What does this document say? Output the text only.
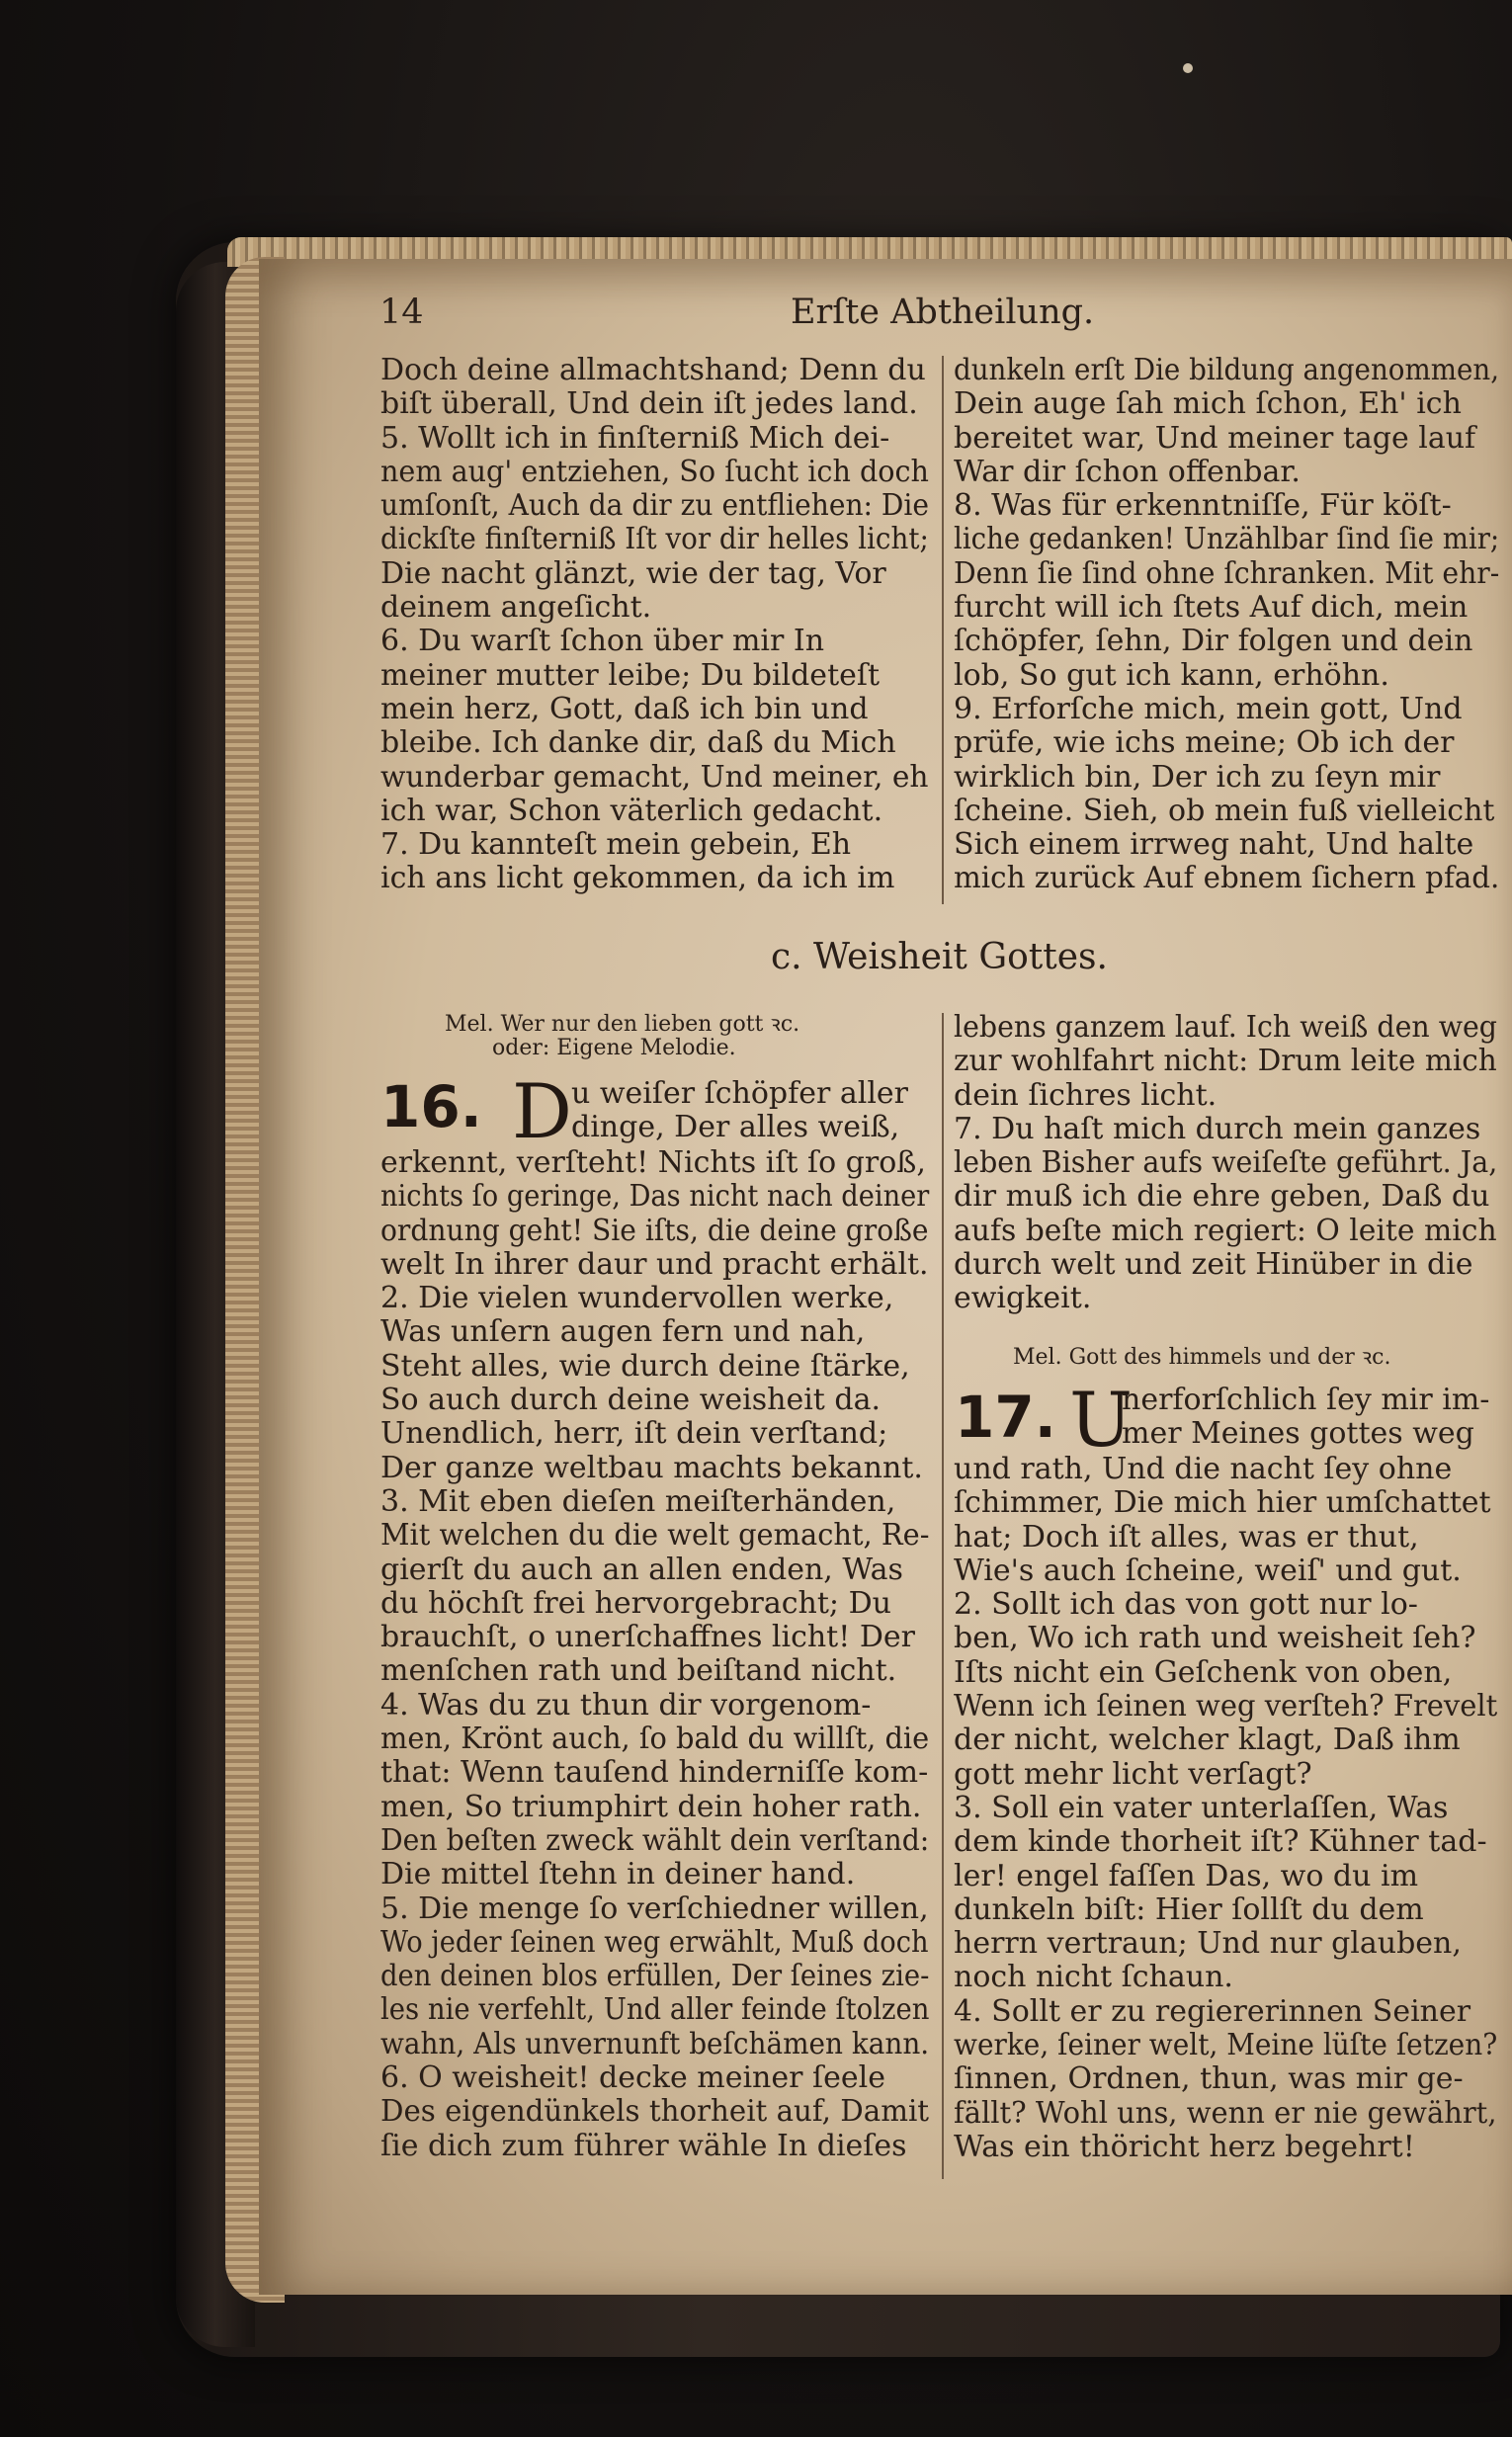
14	Erſte Abtheilung.
Doch deine allmachtshand; Denn du
biſt überall, Und dein iſt jedes land.
5. Wollt ich in finſterniß Mich dei-
nem aug' entziehen, So ſucht ich doch
umſonſt, Auch da dir zu entfliehen: Die
dickſte finſterniß Iſt vor dir helles licht;
Die nacht glänzt, wie der tag, Vor
deinem angeſicht.
6. Du warſt ſchon über mir In
meiner mutter leibe; Du bildeteſt
mein herz, Gott, daß ich bin und
bleibe. Ich danke dir, daß du Mich
wunderbar gemacht, Und meiner, eh
ich war, Schon väterlich gedacht.
7. Du kannteſt mein gebein, Eh
ich ans licht gekommen, da ich im
dunkeln erſt Die bildung angenommen,
Dein auge ſah mich ſchon, Eh' ich
bereitet war, Und meiner tage lauf
War dir ſchon offenbar.
8. Was für erkenntniſſe, Für köſt-
liche gedanken! Unzählbar ſind ſie mir;
Denn ſie ſind ohne ſchranken. Mit ehr-
furcht will ich ſtets Auf dich, mein
ſchöpfer, ſehn, Dir folgen und dein
lob, So gut ich kann, erhöhn.
9. Erforſche mich, mein gott, Und
prüfe, wie ichs meine; Ob ich der
wirklich bin, Der ich zu ſeyn mir
ſcheine. Sieh, ob mein fuß vielleicht
Sich einem irrweg naht, Und halte
mich zurück Auf ebnem ſichern pfad.
c. Weisheit Gottes.
Mel. Wer nur den lieben gott ꝛc.
oder: Eigene Melodie.
16. D u weiſer ſchöpfer aller
dinge, Der alles weiß,
erkennt, verſteht! Nichts iſt ſo groß,
nichts ſo geringe, Das nicht nach deiner
ordnung geht! Sie iſts, die deine große
welt In ihrer daur und pracht erhält.
2. Die vielen wundervollen werke,
Was unſern augen fern und nah,
Steht alles, wie durch deine ſtärke,
So auch durch deine weisheit da.
Unendlich, herr, iſt dein verſtand;
Der ganze weltbau machts bekannt.
3. Mit eben dieſen meiſterhänden,
Mit welchen du die welt gemacht, Re-
gierſt du auch an allen enden, Was
du höchſt frei hervorgebracht; Du
brauchſt, o unerſchaffnes licht! Der
menſchen rath und beiſtand nicht.
4. Was du zu thun dir vorgenom-
men, Krönt auch, ſo bald du willſt, die
that: Wenn tauſend hinderniſſe kom-
men, So triumphirt dein hoher rath.
Den beſten zweck wählt dein verſtand:
Die mittel ſtehn in deiner hand.
5. Die menge ſo verſchiedner willen,
Wo jeder ſeinen weg erwählt, Muß doch
den deinen blos erfüllen, Der ſeines zie-
les nie verfehlt, Und aller feinde ſtolzen
wahn, Als unvernunft beſchämen kann.
6. O weisheit! decke meiner ſeele
Des eigendünkels thorheit auf, Damit
ſie dich zum führer wähle In dieſes
lebens ganzem lauf. Ich weiß den weg
zur wohlfahrt nicht: Drum leite mich
dein ſichres licht.
7. Du haſt mich durch mein ganzes
leben Bisher aufs weiſeſte geführt. Ja,
dir muß ich die ehre geben, Daß du
aufs beſte mich regiert: O leite mich
durch welt und zeit Hinüber in die
ewigkeit.
Mel. Gott des himmels und der ꝛc.
17. U
nerforſchlich ſey mir im-
mer Meines gottes weg
und rath, Und die nacht ſey ohne
ſchimmer, Die mich hier umſchattet
hat; Doch iſt alles, was er thut,
Wie's auch ſcheine, weiſ' und gut.
2. Sollt ich das von gott nur lo-
ben, Wo ich rath und weisheit ſeh?
Iſts nicht ein Geſchenk von oben,
Wenn ich ſeinen weg verſteh? Frevelt
der nicht, welcher klagt, Daß ihm
gott mehr licht verſagt?
3. Soll ein vater unterlaſſen, Was
dem kinde thorheit iſt? Kühner tad-
ler! engel faſſen Das, wo du im
dunkeln biſt: Hier ſollſt du dem
herrn vertraun; Und nur glauben,
noch nicht ſchaun.
4. Sollt er zu regiererinnen Seiner
werke, ſeiner welt, Meine lüſte ſetzen?
ſinnen, Ordnen, thun, was mir ge-
fällt? Wohl uns, wenn er nie gewährt,
Was ein thöricht herz begehrt!
